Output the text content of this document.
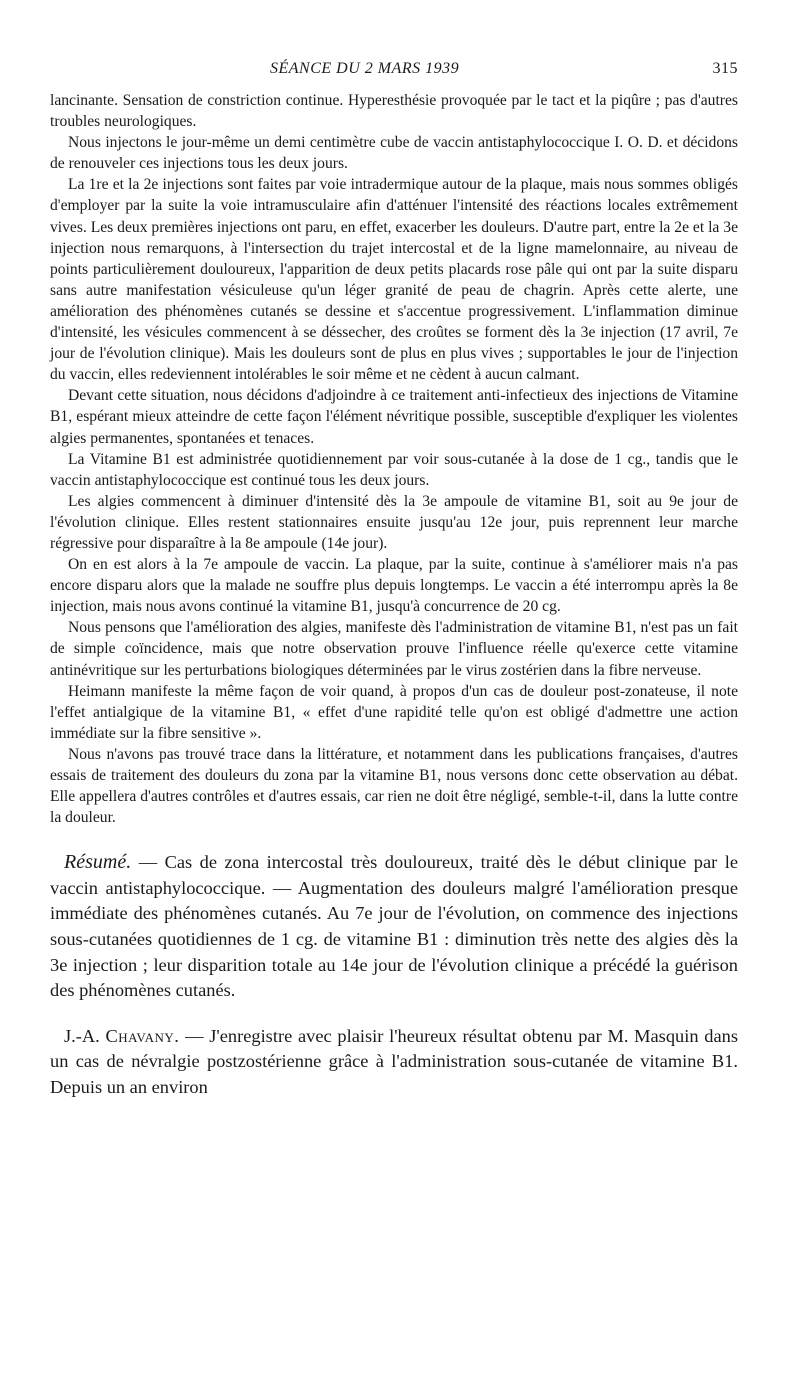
SÉANCE DU 2 MARS 1939	315

lancinante. Sensation de constriction continue. Hyperesthésie provoquée par le tact et la piqûre ; pas d'autres troubles neurologiques.

Nous injectons le jour-même un demi centimètre cube de vaccin antistaphylococcique I. O. D. et décidons de renouveler ces injections tous les deux jours.

La 1re et la 2e injections sont faites par voie intradermique autour de la plaque, mais nous sommes obligés d'employer par la suite la voie intramusculaire afin d'atténuer l'intensité des réactions locales extrêmement vives. Les deux premières injections ont paru, en effet, exacerber les douleurs. D'autre part, entre la 2e et la 3e injection nous remarquons, à l'intersection du trajet intercostal et de la ligne mamelonnaire, au niveau de points particulièrement douloureux, l'apparition de deux petits placards rose pâle qui ont par la suite disparu sans autre manifestation vésiculeuse qu'un léger granité de peau de chagrin. Après cette alerte, une amélioration des phénomènes cutanés se dessine et s'accentue progressivement. L'inflammation diminue d'intensité, les vésicules commencent à se déssecher, des croûtes se forment dès la 3e injection (17 avril, 7e jour de l'évolution clinique). Mais les douleurs sont de plus en plus vives ; supportables le jour de l'injection du vaccin, elles redeviennent intolérables le soir même et ne cèdent à aucun calmant.

Devant cette situation, nous décidons d'adjoindre à ce traitement anti-infectieux des injections de Vitamine B1, espérant mieux atteindre de cette façon l'élément névritique possible, susceptible d'expliquer les violentes algies permanentes, spontanées et tenaces.

La Vitamine B1 est administrée quotidiennement par voir sous-cutanée à la dose de 1 cg., tandis que le vaccin antistaphylococcique est continué tous les deux jours.

Les algies commencent à diminuer d'intensité dès la 3e ampoule de vitamine B1, soit au 9e jour de l'évolution clinique. Elles restent stationnaires ensuite jusqu'au 12e jour, puis reprennent leur marche régressive pour disparaître à la 8e ampoule (14e jour).

On en est alors à la 7e ampoule de vaccin. La plaque, par la suite, continue à s'améliorer mais n'a pas encore disparu alors que la malade ne souffre plus depuis longtemps. Le vaccin a été interrompu après la 8e injection, mais nous avons continué la vitamine B1, jusqu'à concurrence de 20 cg.

Nous pensons que l'amélioration des algies, manifeste dès l'administration de vitamine B1, n'est pas un fait de simple coïncidence, mais que notre observation prouve l'influence réelle qu'exerce cette vitamine antinévritique sur les perturbations biologiques déterminées par le virus zostérien dans la fibre nerveuse.

Heimann manifeste la même façon de voir quand, à propos d'un cas de douleur post-zonateuse, il note l'effet antialgique de la vitamine B1, « effet d'une rapidité telle qu'on est obligé d'admettre une action immédiate sur la fibre sensitive ».

Nous n'avons pas trouvé trace dans la littérature, et notamment dans les publications françaises, d'autres essais de traitement des douleurs du zona par la vitamine B1, nous versons donc cette observation au débat. Elle appellera d'autres contrôles et d'autres essais, car rien ne doit être négligé, semble-t-il, dans la lutte contre la douleur.

Résumé. — Cas de zona intercostal très douloureux, traité dès le début clinique par le vaccin antistaphylococcique. — Augmentation des douleurs malgré l'amélioration presque immédiate des phénomènes cutanés. Au 7e jour de l'évolution, on commence des injections sous-cutanées quotidiennes de 1 cg. de vitamine B1 : diminution très nette des algies dès la 3e injection ; leur disparition totale au 14e jour de l'évolution clinique a précédé la guérison des phénomènes cutanés.

J.-A. Chavany. — J'enregistre avec plaisir l'heureux résultat obtenu par M. Masquin dans un cas de névralgie postzostérienne grâce à l'administration sous-cutanée de vitamine B1. Depuis un an environ
